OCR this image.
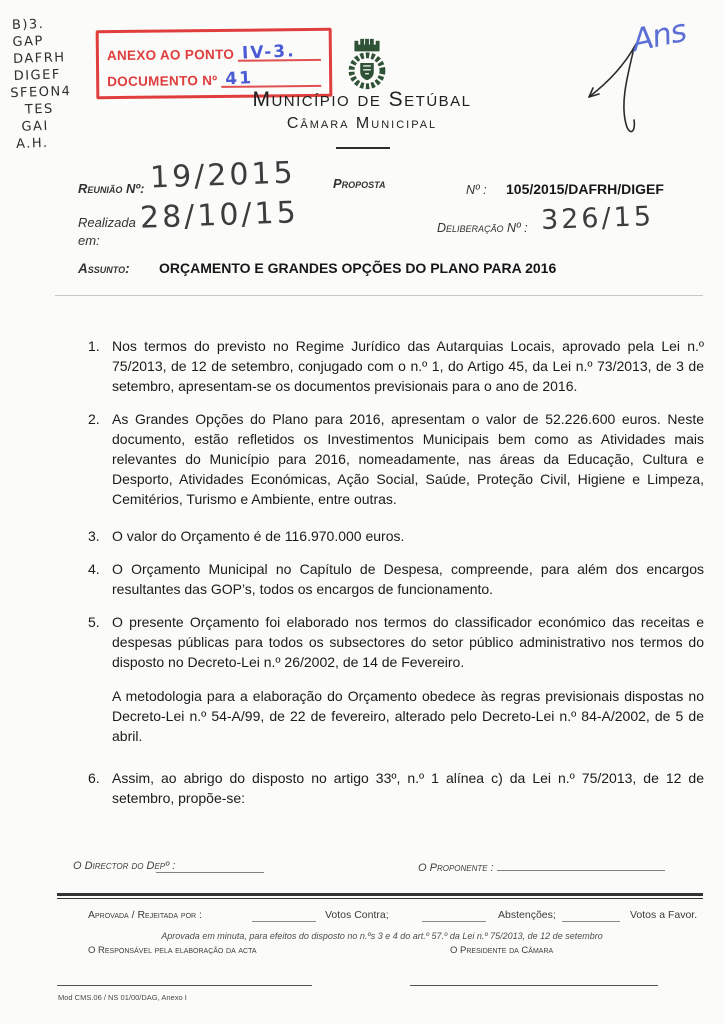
B)3.
GAP
DAFRH
DIGEF
SFEON4
TES
GAI
A.H.
ANEXO AO PONTO IV-3.
DOCUMENTO Nº 41
Ans
Município de Setúbal
Câmara Municipal
Reunião Nº: 19/2015	Proposta	Nº : 105/2015/DAFRH/DIGEF
Realizada em:
28/10/15	Deliberação Nº : 326/15
Assunto: ORÇAMENTO E GRANDES OPÇÕES DO PLANO PARA 2016
1. Nos termos do previsto no Regime Jurídico das Autarquias Locais, aprovado pela Lei n.º 75/2013, de 12 de setembro, conjugado com o n.º 1, do Artigo 45, da Lei n.º 73/2013, de 3 de setembro, apresentam-se os documentos previsionais para o ano de 2016.
2. As Grandes Opções do Plano para 2016, apresentam o valor de 52.226.600 euros. Neste documento, estão refletidos os Investimentos Municipais bem como as Atividades mais relevantes do Município para 2016, nomeadamente, nas áreas da Educação, Cultura e Desporto, Atividades Económicas, Ação Social, Saúde, Proteção Civil, Higiene e Limpeza, Cemitérios, Turismo e Ambiente, entre outras.
3. O valor do Orçamento é de 116.970.000 euros.
4. O Orçamento Municipal no Capítulo de Despesa, compreende, para além dos encargos resultantes das GOP’s, todos os encargos de funcionamento.
5. O presente Orçamento foi elaborado nos termos do classificador económico das receitas e despesas públicas para todos os subsectores do setor público administrativo nos termos do disposto no Decreto-Lei n.º 26/2002, de 14 de Fevereiro.
A metodologia para a elaboração do Orçamento obedece às regras previsionais dispostas no Decreto-Lei n.º 54-A/99, de 22 de fevereiro, alterado pelo Decreto-Lei n.º 84-A/2002, de 5 de abril.
6. Assim, ao abrigo do disposto no artigo 33º, n.º 1 alínea c) da Lei n.º 75/2013, de 12 de setembro, propõe-se:
O Director do Depº :	O Proponente :
Aprovada / Rejeitada por :	Votos Contra;	Abstenções;	Votos a Favor.
Aprovada em minuta, para efeitos do disposto no n.ºs 3 e 4 do art.º 57.º da Lei n.º 75/2013, de 12 de setembro
O Responsável pela elaboração da acta	O Presidente da Câmara
Mod CMS.06 / NS 01/00/DAG, Anexo I
